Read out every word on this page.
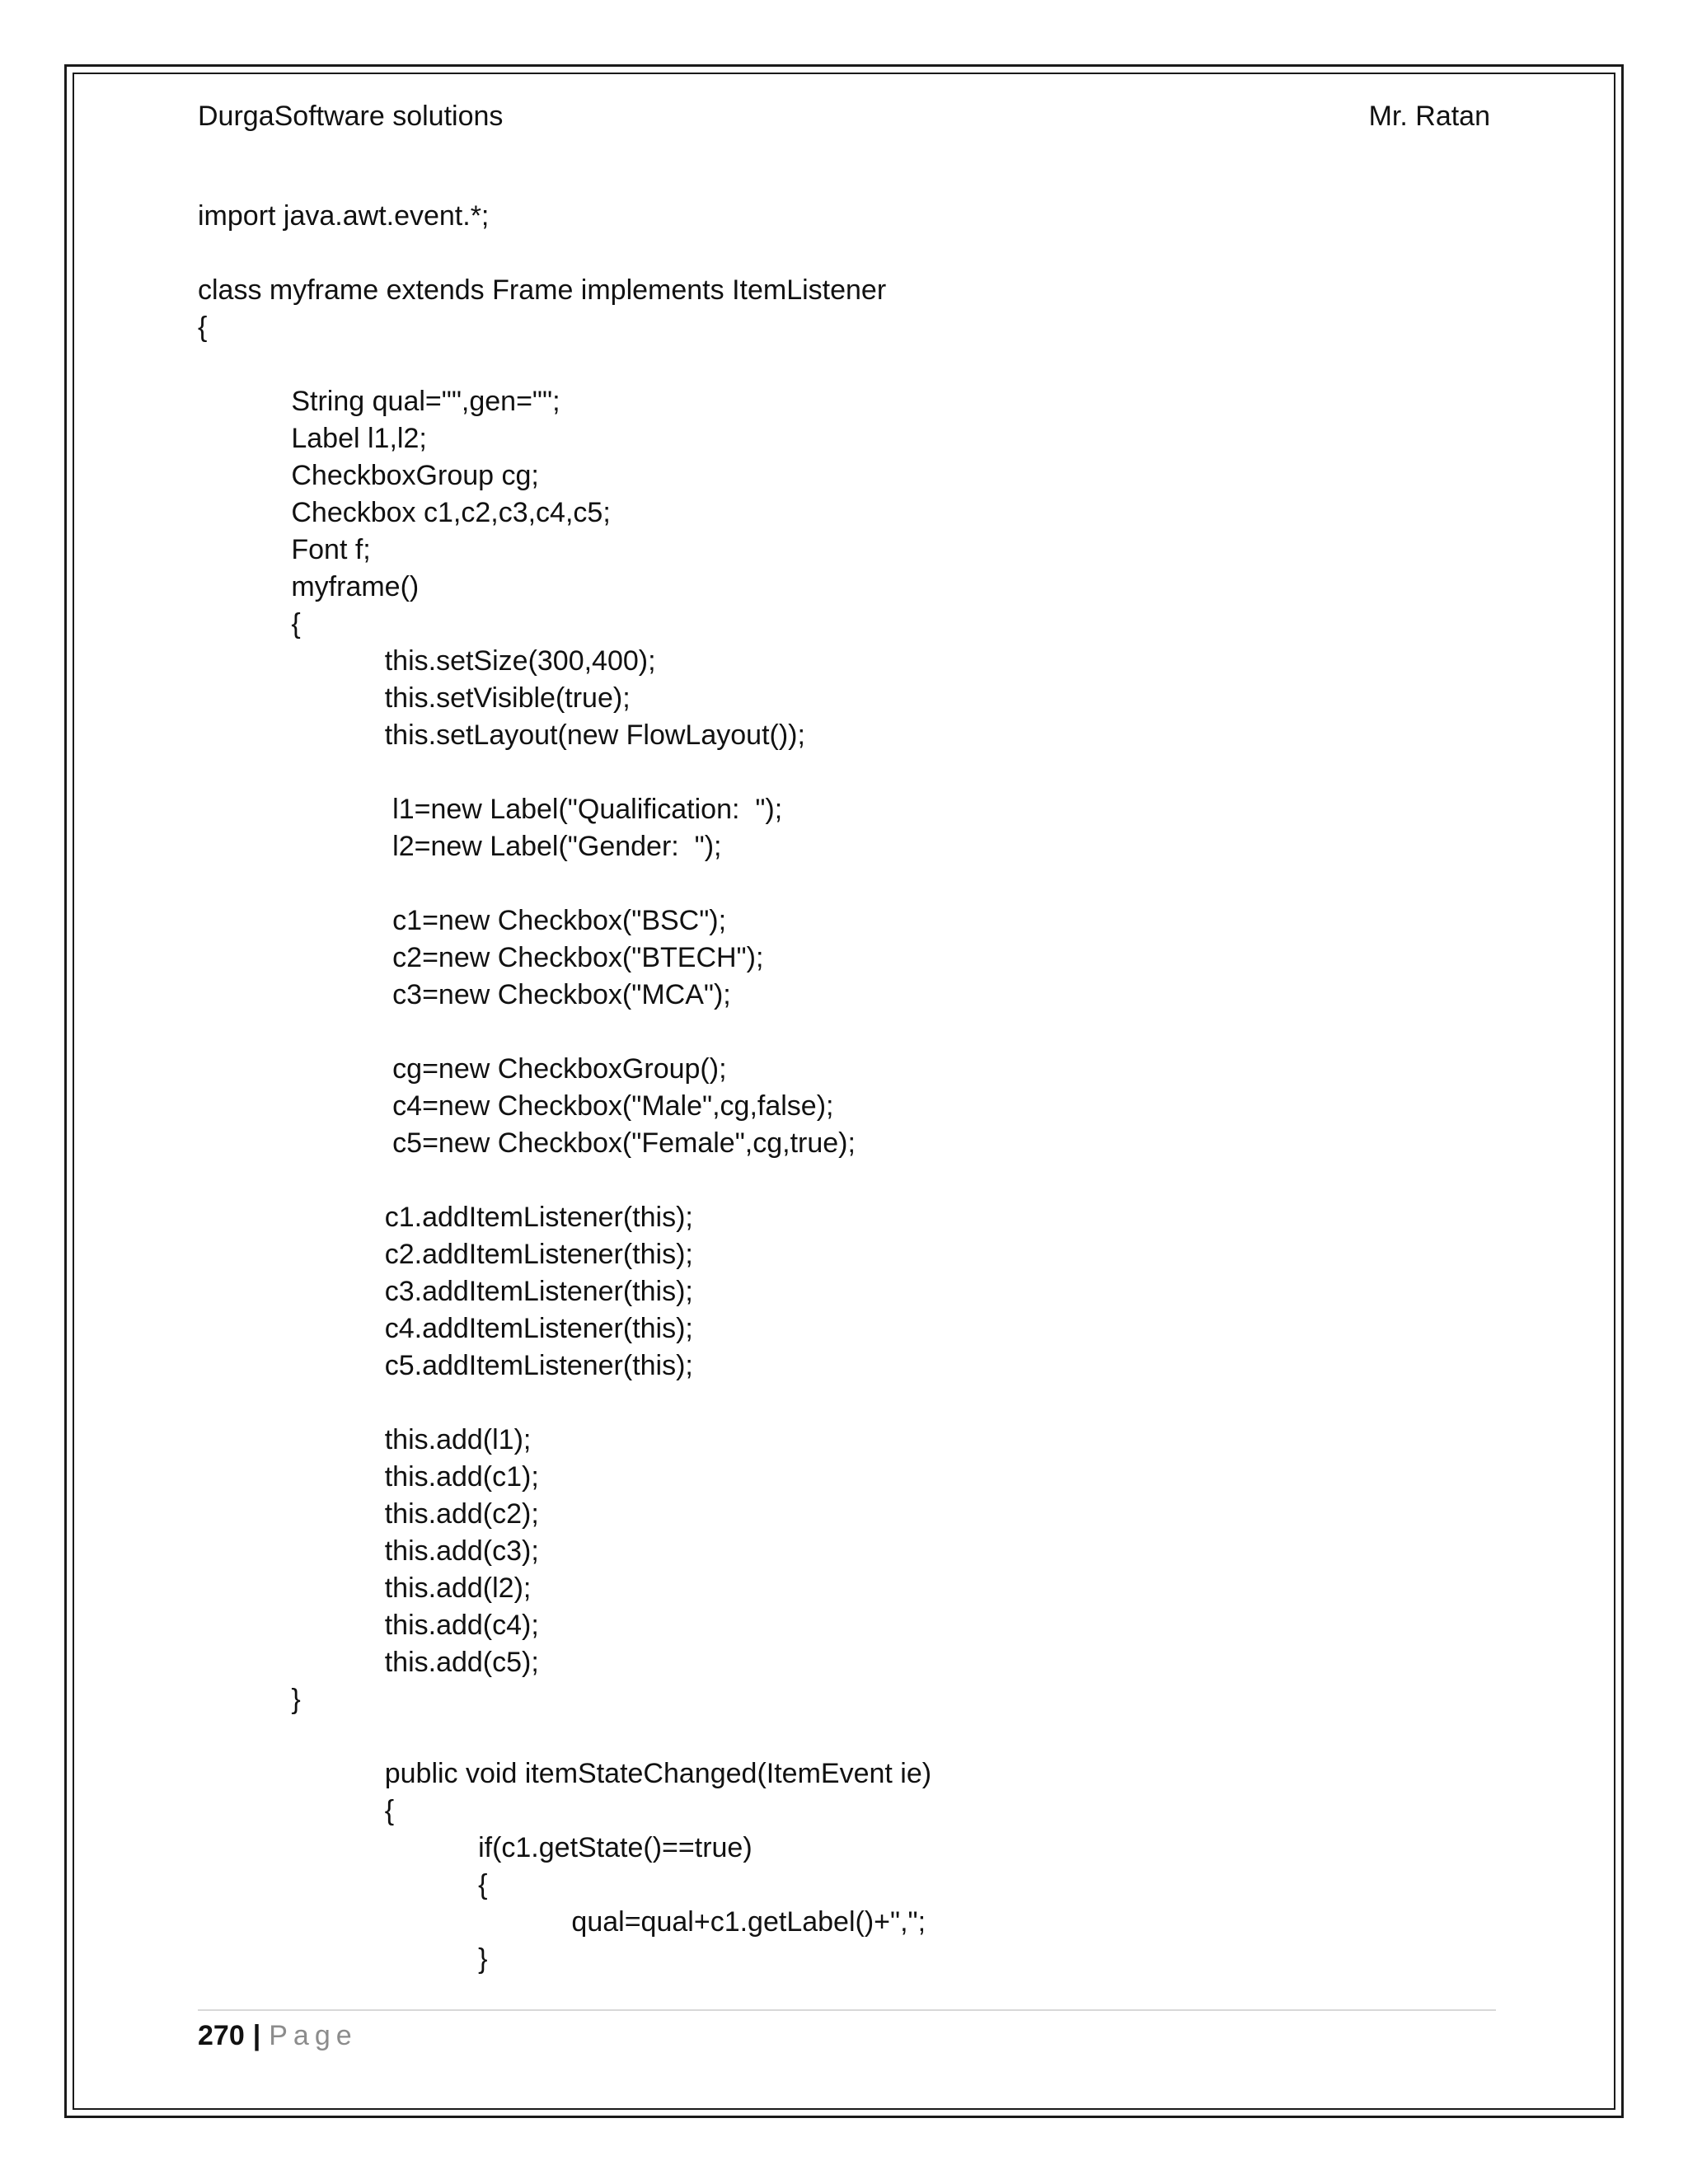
DurgaSoftware solutions	Mr. Ratan
import java.awt.event.*;
class myframe extends Frame implements ItemListener
{
String qual="",gen="";
Label l1,l2;
CheckboxGroup cg;
Checkbox c1,c2,c3,c4,c5;
Font f;
myframe()
{
this.setSize(300,400);
this.setVisible(true);
this.setLayout(new FlowLayout());
l1=new Label("Qualification:  ");
l2=new Label("Gender:  ");
c1=new Checkbox("BSC");
c2=new Checkbox("BTECH");
c3=new Checkbox("MCA");
cg=new CheckboxGroup();
c4=new Checkbox("Male",cg,false);
c5=new Checkbox("Female",cg,true);
c1.addItemListener(this);
c2.addItemListener(this);
c3.addItemListener(this);
c4.addItemListener(this);
c5.addItemListener(this);
this.add(l1);
this.add(c1);
this.add(c2);
this.add(c3);
this.add(l2);
this.add(c4);
this.add(c5);
}
public void itemStateChanged(ItemEvent ie)
{
if(c1.getState()==true)
{
qual=qual+c1.getLabel()+",";
}
270 | Page
